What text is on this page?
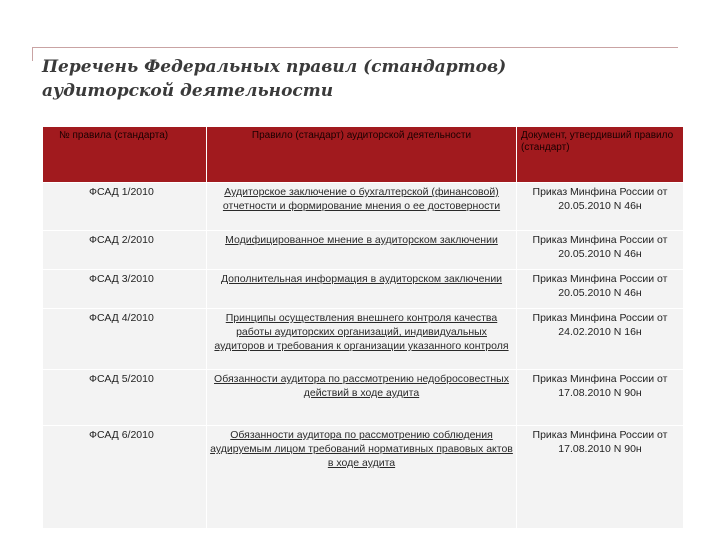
Перечень Федеральных правил (стандартов)
аудиторской деятельности
№ правила (стандарта)	Правило (стандарт) аудиторской деятельности	Документ, утвердивший правило (стандарт)

ФСАД 1/2010	Аудиторское заключение о бухгалтерской (финансовой) отчетности и формирование мнения о ее достоверности	Приказ Минфина России от
20.05.2010 N 46н

ФСАД 2/2010	Модифицированное мнение в аудиторском заключении	Приказ Минфина России от
20.05.2010 N 46н

ФСАД 3/2010	Дополнительная информация в аудиторском заключении	Приказ Минфина России от
20.05.2010 N 46н

ФСАД 4/2010	Принципы осуществления внешнего контроля качества работы аудиторских организаций, индивидуальных аудиторов и требования к организации указанного контроля	Приказ Минфина России от
24.02.2010 N 16н

ФСАД 5/2010	Обязанности аудитора по рассмотрению недобросовестных действий в ходе аудита	Приказ Минфина России от
17.08.2010 N 90н

ФСАД 6/2010	Обязанности аудитора по рассмотрению соблюдения аудируемым лицом требований нормативных правовых актов в ходе аудита	Приказ Минфина России от
17.08.2010 N 90н
